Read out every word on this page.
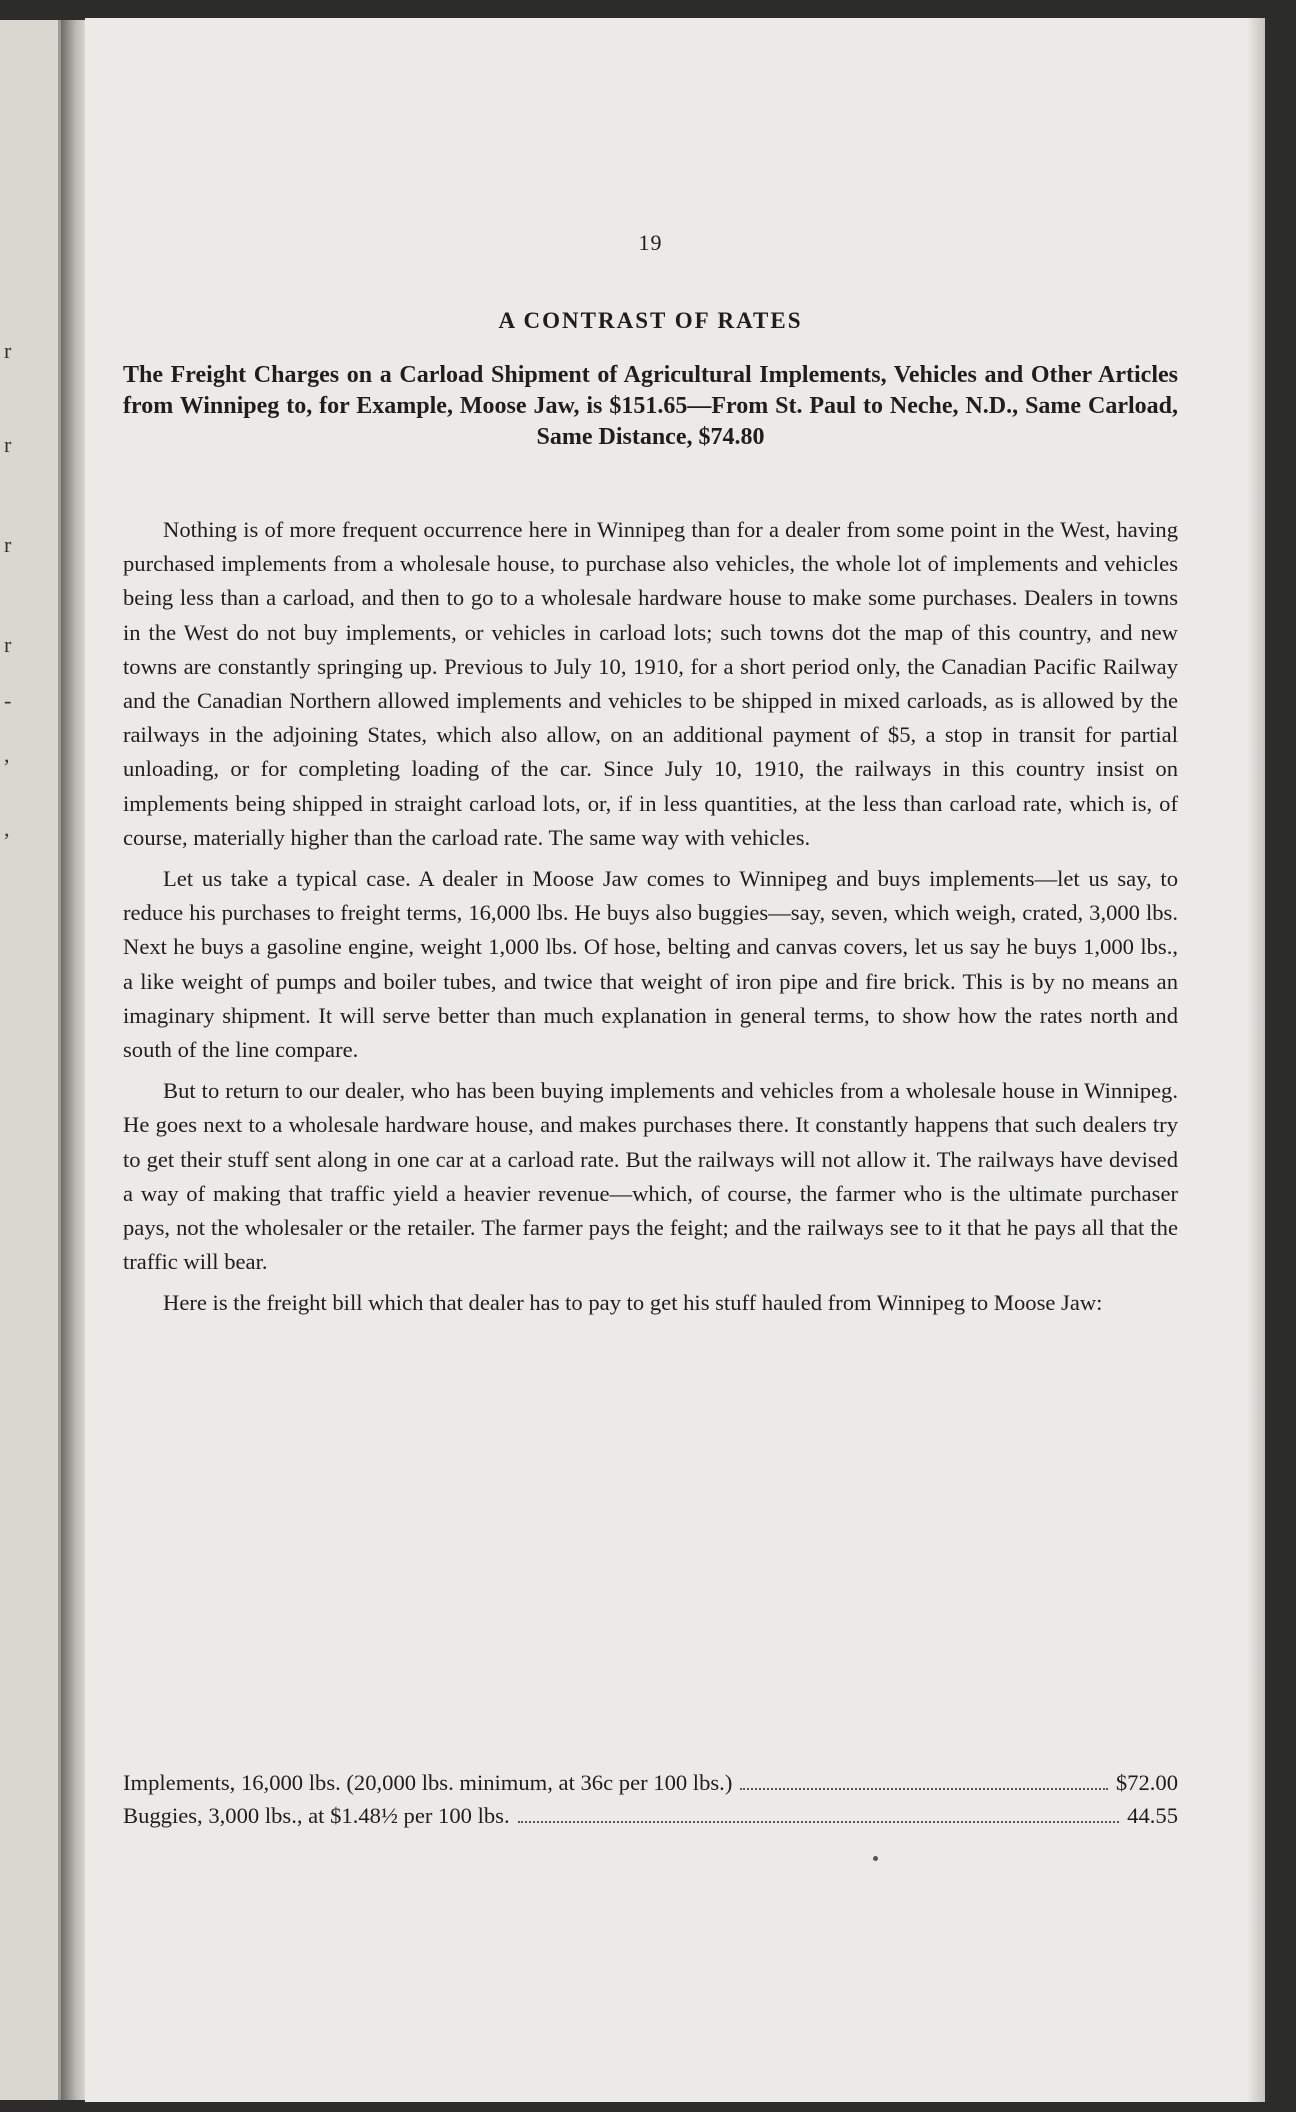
r
r
r
r
-
,
,
19
A CONTRAST OF RATES
The Freight Charges on a Carload Shipment of Agricultural Implements, Vehicles and Other Articles from Winnipeg to, for Example, Moose Jaw, is $151.65—From St. Paul to Neche, N.D., Same Carload, Same Distance, $74.80

Nothing is of more frequent occurrence here in Winnipeg than for a dealer from some point in the West, having purchased implements from a wholesale house, to purchase also vehicles, the whole lot of implements and vehicles being less than a carload, and then to go to a wholesale hardware house to make some purchases. Dealers in towns in the West do not buy implements, or vehicles in carload lots; such towns dot the map of this country, and new towns are constantly springing up. Previous to July 10, 1910, for a short period only, the Canadian Pacific Railway and the Canadian Northern allowed implements and vehicles to be shipped in mixed carloads, as is allowed by the railways in the adjoining States, which also allow, on an additional payment of $5, a stop in transit for partial unloading, or for completing loading of the car. Since July 10, 1910, the railways in this country insist on implements being shipped in straight carload lots, or, if in less quantities, at the less than carload rate, which is, of course, materially higher than the carload rate. The same way with vehicles.

Let us take a typical case. A dealer in Moose Jaw comes to Winnipeg and buys implements—let us say, to reduce his purchases to freight terms, 16,000 lbs. He buys also buggies—say, seven, which weigh, crated, 3,000 lbs. Next he buys a gasoline engine, weight 1,000 lbs. Of hose, belting and canvas covers, let us say he buys 1,000 lbs., a like weight of pumps and boiler tubes, and twice that weight of iron pipe and fire brick. This is by no means an imaginary shipment. It will serve better than much explanation in general terms, to show how the rates north and south of the line compare.

But to return to our dealer, who has been buying implements and vehicles from a wholesale house in Winnipeg. He goes next to a wholesale hardware house, and makes purchases there. It constantly happens that such dealers try to get their stuff sent along in one car at a carload rate. But the railways will not allow it. The railways have devised a way of making that traffic yield a heavier revenue—which, of course, the farmer who is the ultimate purchaser pays, not the wholesaler or the retailer. The farmer pays the feight; and the railways see to it that he pays all that the traffic will bear.

Here is the freight bill which that dealer has to pay to get his stuff hauled from Winnipeg to Moose Jaw:

Implements, 16,000 lbs. (20,000 lbs. minimum, at 36c per 100 lbs.)	$72.00
Buggies, 3,000 lbs., at $1.48½ per 100 lbs.	44.55
